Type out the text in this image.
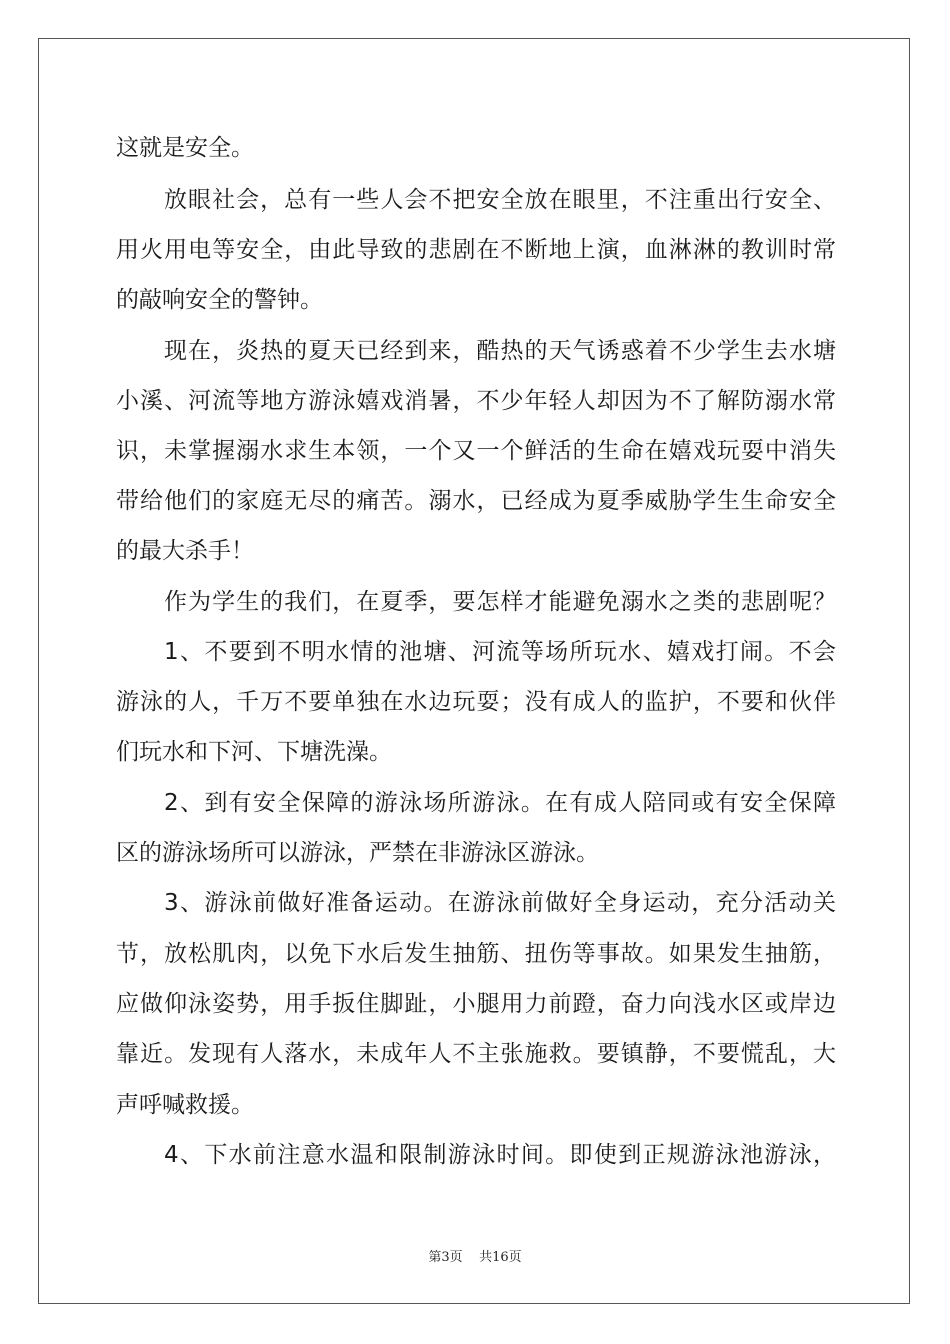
这就是安全。
放眼社会，总有一些人会不把安全放在眼里，不注重出行安全、
用火用电等安全，由此导致的悲剧在不断地上演，血淋淋的教训时常
的敲响安全的警钟。
现在，炎热的夏天已经到来，酷热的天气诱惑着不少学生去水塘
小溪、河流等地方游泳嬉戏消暑，不少年轻人却因为不了解防溺水常
识，未掌握溺水求生本领，一个又一个鲜活的生命在嬉戏玩耍中消失
带给他们的家庭无尽的痛苦。溺水，已经成为夏季威胁学生生命安全
的最大杀手！
作为学生的我们，在夏季，要怎样才能避免溺水之类的悲剧呢？
1、不要到不明水情的池塘、河流等场所玩水、嬉戏打闹。不会
游泳的人，千万不要单独在水边玩耍；没有成人的监护，不要和伙伴
们玩水和下河、下塘洗澡。
2、到有安全保障的游泳场所游泳。在有成人陪同或有安全保障
区的游泳场所可以游泳，严禁在非游泳区游泳。
3、游泳前做好准备运动。在游泳前做好全身运动，充分活动关
节，放松肌肉，以免下水后发生抽筋、扭伤等事故。如果发生抽筋，
应做仰泳姿势，用手扳住脚趾，小腿用力前蹬，奋力向浅水区或岸边
靠近。发现有人落水，未成年人不主张施救。要镇静，不要慌乱，大
声呼喊救援。
4、下水前注意水温和限制游泳时间。即使到正规游泳池游泳，
第3页 共16页
